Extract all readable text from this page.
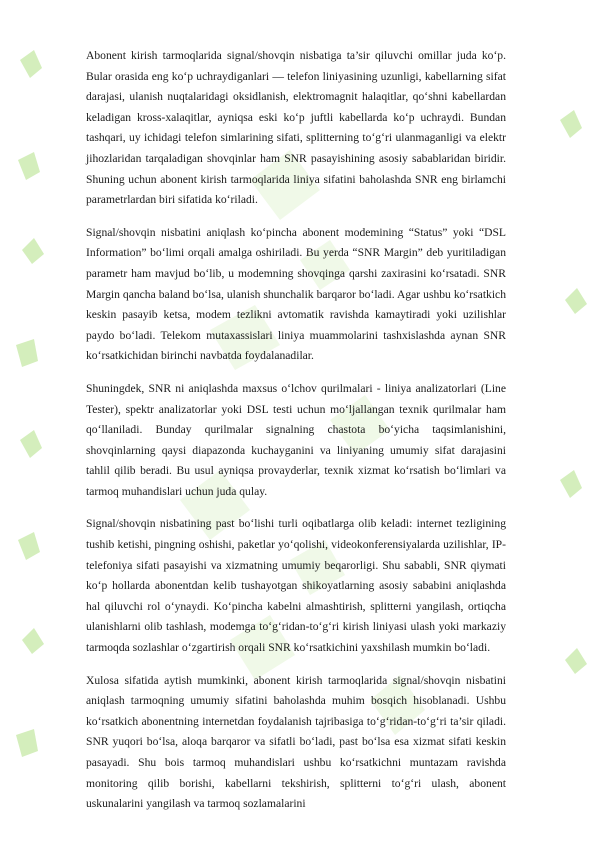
Abonent kirish tarmoqlarida signal/shovqin nisbatiga ta’sir qiluvchi omillar juda ko‘p. Bular orasida eng ko‘p uchraydiganlari — telefon liniyasining uzunligi, kabellarning sifat darajasi, ulanish nuqtalaridagi oksidlanish, elektromagnit halaqitlar, qo‘shni kabellardan keladigan kross-xalaqitlar, ayniqsa eski ko‘p juftli kabellarda ko‘p uchraydi. Bundan tashqari, uy ichidagi telefon simlarining sifati, splitterning to‘g‘ri ulanmaganligi va elektr jihozlaridan tarqaladigan shovqinlar ham SNR pasayishining asosiy sabablaridan biridir. Shuning uchun abonent kirish tarmoqlarida liniya sifatini baholashda SNR eng birlamchi parametrlardan biri sifatida ko‘riladi.

Signal/shovqin nisbatini aniqlash ko‘pincha abonent modemining “Status” yoki “DSL Information” bo‘limi orqali amalga oshiriladi. Bu yerda “SNR Margin” deb yuritiladigan parametr ham mavjud bo‘lib, u modemning shovqinga qarshi zaxirasini ko‘rsatadi. SNR Margin qancha baland bo‘lsa, ulanish shunchalik barqaror bo‘ladi. Agar ushbu ko‘rsatkich keskin pasayib ketsa, modem tezlikni avtomatik ravishda kamaytiradi yoki uzilishlar paydo bo‘ladi. Telekom mutaxassislari liniya muammolarini tashxislashda aynan SNR ko‘rsatkichidan birinchi navbatda foydalanadilar.

Shuningdek, SNR ni aniqlashda maxsus o‘lchov qurilmalari - liniya analizatorlari (Line Tester), spektr analizatorlar yoki DSL testi uchun mo‘ljallangan texnik qurilmalar ham qo‘llaniladi. Bunday qurilmalar signalning chastota bo‘yicha taqsimlanishini, shovqinlarning qaysi diapazonda kuchayganini va liniyaning umumiy sifat darajasini tahlil qilib beradi. Bu usul ayniqsa provayderlar, texnik xizmat ko‘rsatish bo‘limlari va tarmoq muhandislari uchun juda qulay.

Signal/shovqin nisbatining past bo‘lishi turli oqibatlarga olib keladi: internet tezligining tushib ketishi, pingning oshishi, paketlar yo‘qolishi, videokonferensiyalarda uzilishlar, IP-telefoniya sifati pasayishi va xizmatning umumiy beqarorligi. Shu sababli, SNR qiymati ko‘p hollarda abonentdan kelib tushayotgan shikoyatlarning asosiy sababini aniqlashda hal qiluvchi rol o‘ynaydi. Ko‘pincha kabelni almashtirish, splitterni yangilash, ortiqcha ulanishlarni olib tashlash, modemga to‘g‘ridan-to‘g‘ri kirish liniyasi ulash yoki markaziy tarmoqda sozlashlar o‘zgartirish orqali SNR ko‘rsatkichini yaxshilash mumkin bo‘ladi.

Xulosa sifatida aytish mumkinki, abonent kirish tarmoqlarida signal/shovqin nisbatini aniqlash tarmoqning umumiy sifatini baholashda muhim bosqich hisoblanadi. Ushbu ko‘rsatkich abonentning internetdan foydalanish tajribasiga to‘g‘ridan-to‘g‘ri ta’sir qiladi. SNR yuqori bo‘lsa, aloqa barqaror va sifatli bo‘ladi, past bo‘lsa esa xizmat sifati keskin pasayadi. Shu bois tarmoq muhandislari ushbu ko‘rsatkichni muntazam ravishda monitoring qilib borishi, kabellarni tekshirish, splitterni to‘g‘ri ulash, abonent uskunalarini yangilash va tarmoq sozlamalarini
